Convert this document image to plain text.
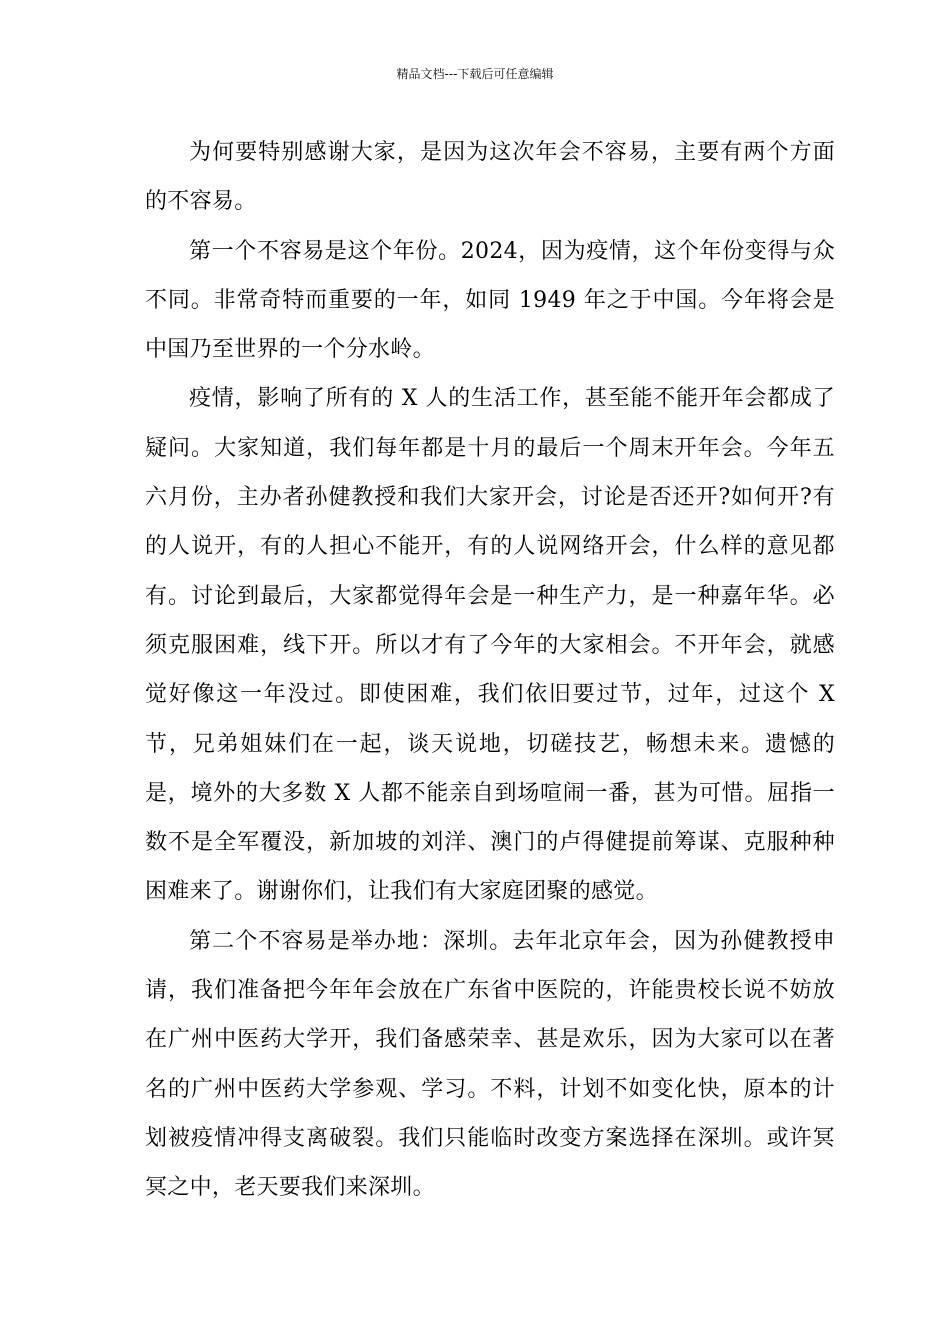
精品文档---下载后可任意编辑

为何要特别感谢大家，是因为这次年会不容易，主要有两个方面的不容易。

第一个不容易是这个年份。2024，因为疫情，这个年份变得与众不同。非常奇特而重要的一年，如同 1949 年之于中国。今年将会是中国乃至世界的一个分水岭。

疫情，影响了所有的 X 人的生活工作，甚至能不能开年会都成了疑问。大家知道，我们每年都是十月的最后一个周末开年会。今年五六月份，主办者孙健教授和我们大家开会，讨论是否还开?如何开?有的人说开，有的人担心不能开，有的人说网络开会，什么样的意见都有。讨论到最后，大家都觉得年会是一种生产力，是一种嘉年华。必须克服困难，线下开。所以才有了今年的大家相会。不开年会，就感觉好像这一年没过。即使困难，我们依旧要过节，过年，过这个 X 节，兄弟姐妹们在一起，谈天说地，切磋技艺，畅想未来。遗憾的是，境外的大多数 X 人都不能亲自到场喧闹一番，甚为可惜。屈指一数不是全军覆没，新加坡的刘洋、澳门的卢得健提前筹谋、克服种种困难来了。谢谢你们，让我们有大家庭团聚的感觉。

第二个不容易是举办地：深圳。去年北京年会，因为孙健教授申请，我们准备把今年年会放在广东省中医院的，许能贵校长说不妨放在广州中医药大学开，我们备感荣幸、甚是欢乐，因为大家可以在著名的广州中医药大学参观、学习。不料，计划不如变化快，原本的计划被疫情冲得支离破裂。我们只能临时改变方案选择在深圳。或许冥冥之中，老天要我们来深圳。
